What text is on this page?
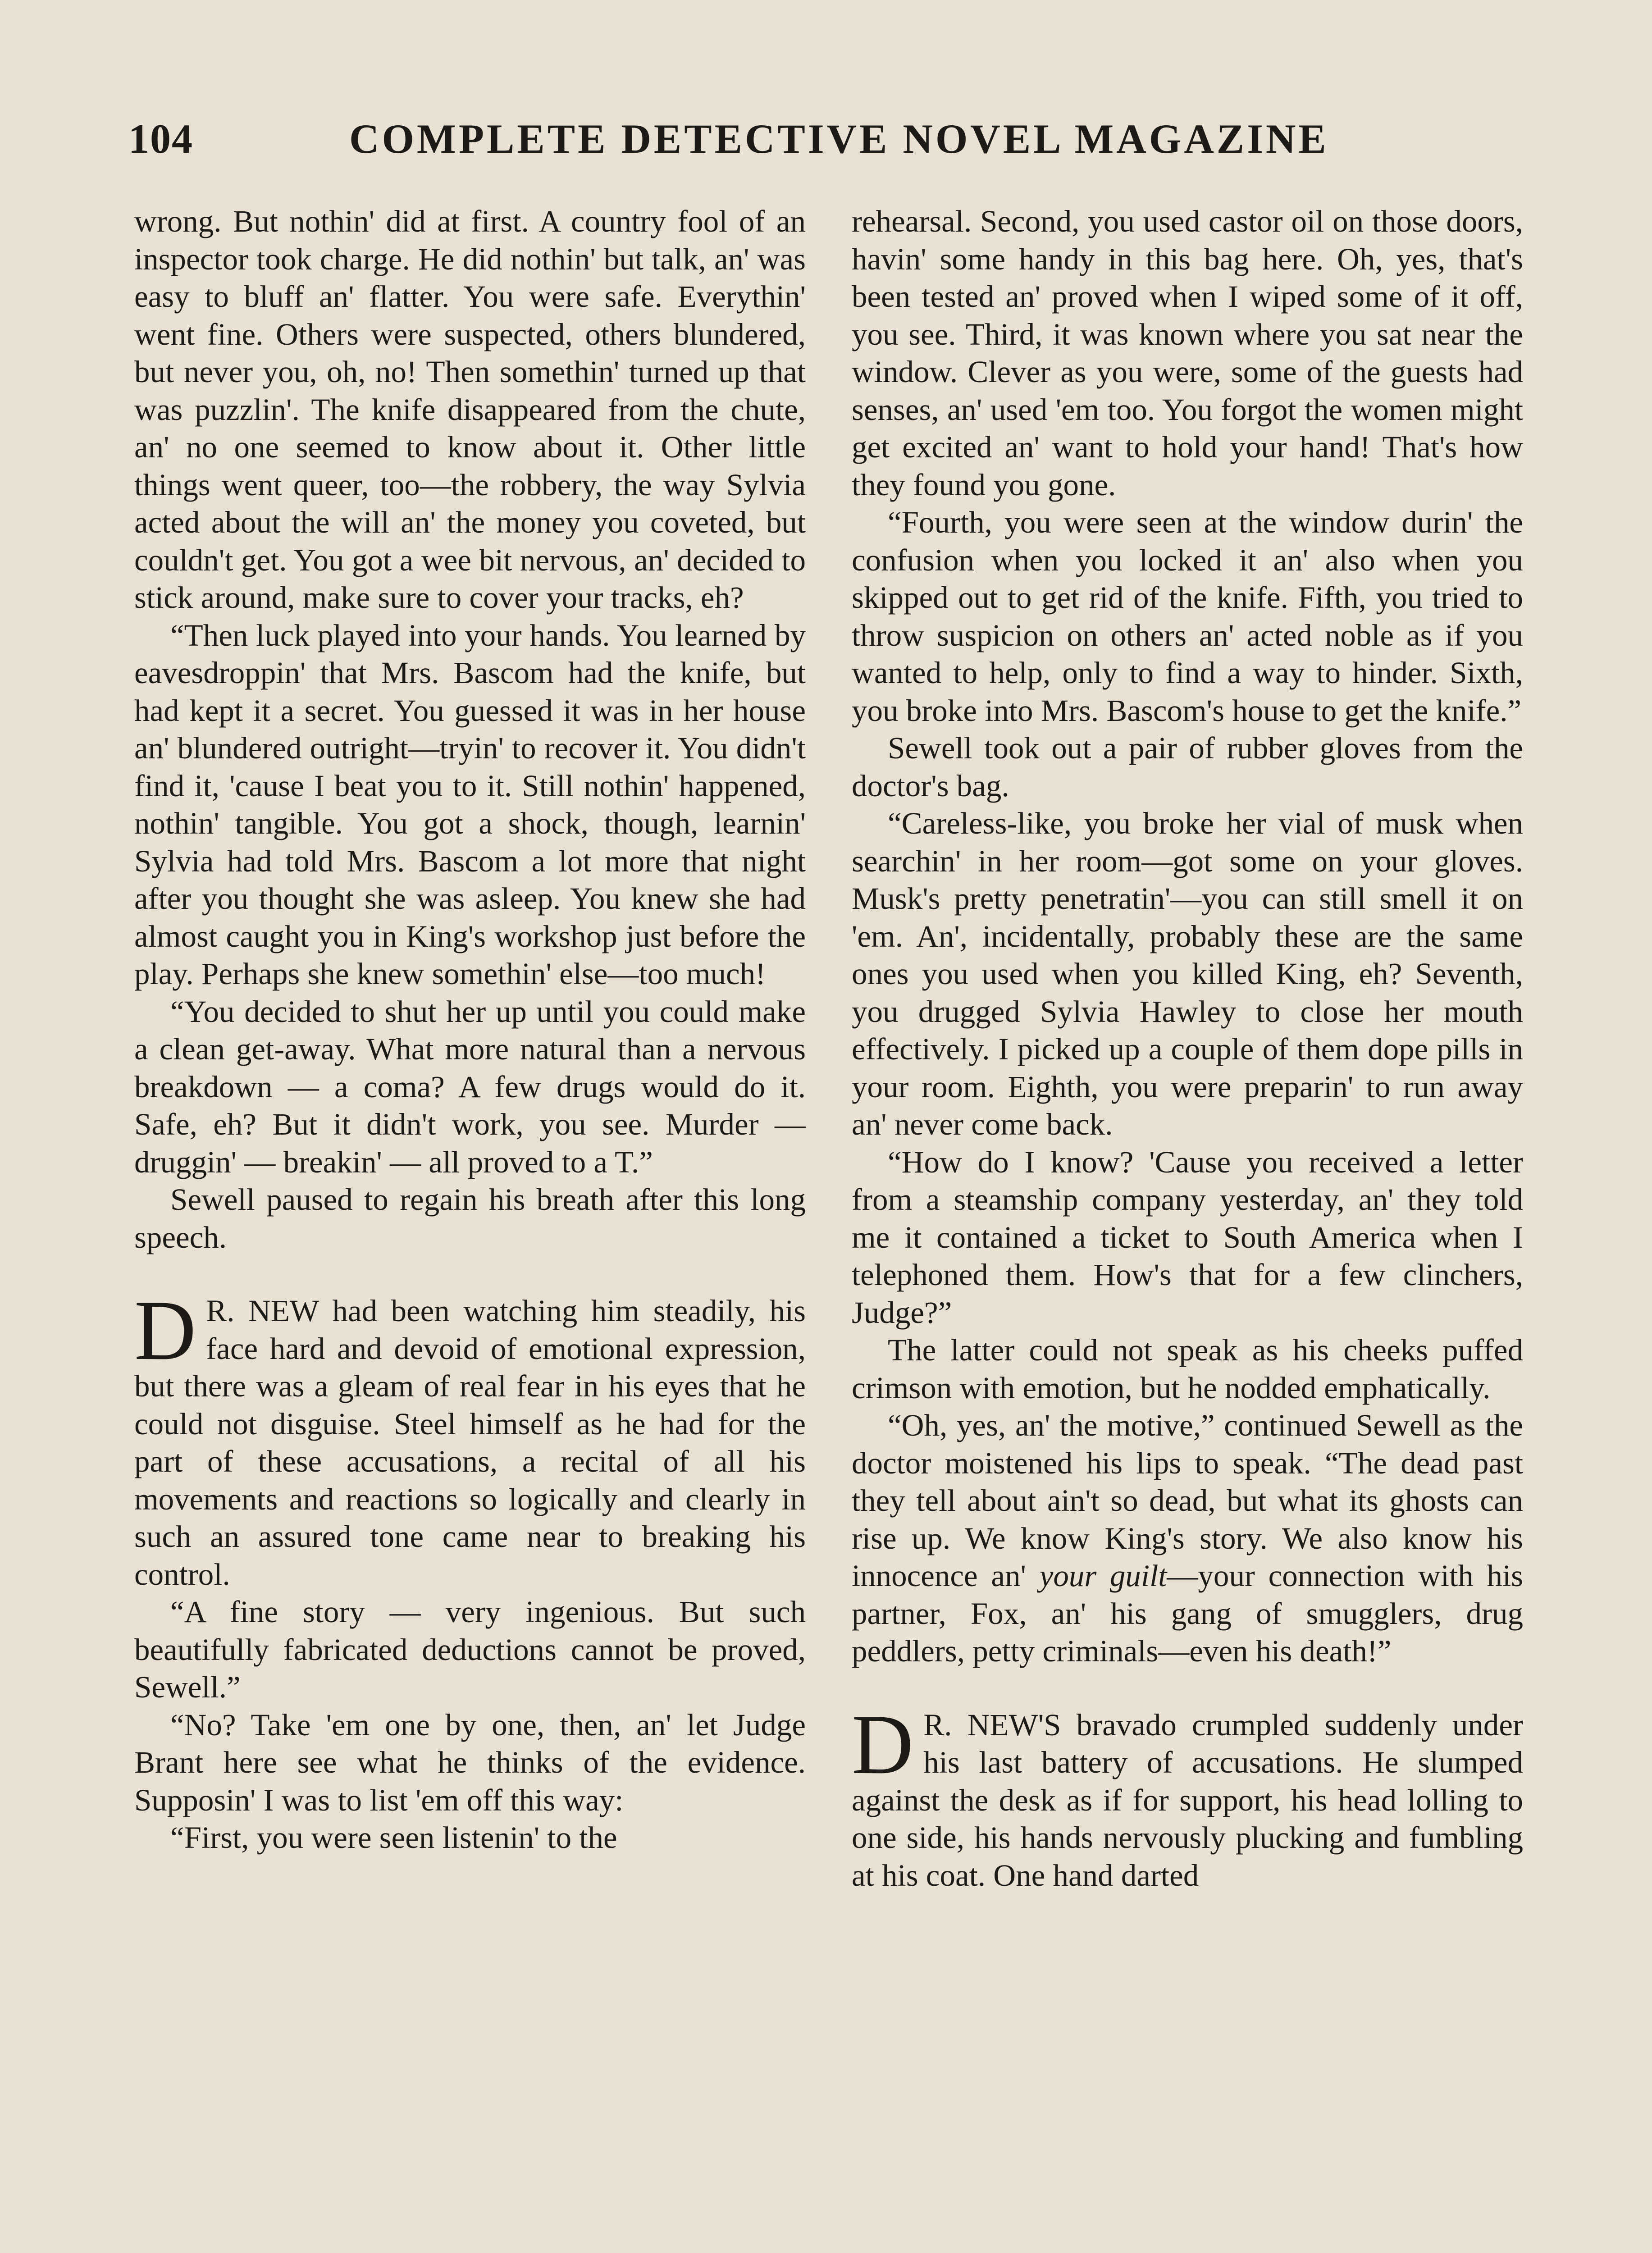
104	COMPLETE DETECTIVE NOVEL MAGAZINE

wrong. But nothin' did at first. A country fool of an inspector took charge. He did nothin' but talk, an' was easy to bluff an' flatter. You were safe. Everythin' went fine. Others were suspected, others blundered, but never you, oh, no! Then somethin' turned up that was puzzlin'. The knife disappeared from the chute, an' no one seemed to know about it. Other little things went queer, too—the robbery, the way Sylvia acted about the will an' the money you coveted, but couldn't get. You got a wee bit nervous, an' decided to stick around, make sure to cover your tracks, eh?

“Then luck played into your hands. You learned by eavesdroppin' that Mrs. Bascom had the knife, but had kept it a secret. You guessed it was in her house an' blundered outright—tryin' to recover it. You didn't find it, 'cause I beat you to it. Still nothin' happened, nothin' tangible. You got a shock, though, learnin' Sylvia had told Mrs. Bascom a lot more that night after you thought she was asleep. You knew she had almost caught you in King's workshop just before the play. Perhaps she knew somethin' else—too much!

“You decided to shut her up until you could make a clean get-away. What more natural than a nervous breakdown — a coma? A few drugs would do it. Safe, eh? But it didn't work, you see. Murder — druggin' — breakin' — all proved to a T.”

Sewell paused to regain his breath after this long speech.

D R. NEW had been watching him steadily, his face hard and devoid of emotional expression, but there was a gleam of real fear in his eyes that he could not disguise. Steel himself as he had for the part of these accusations, a recital of all his movements and reactions so logically and clearly in such an assured tone came near to breaking his control.

“A fine story — very ingenious. But such beautifully fabricated deductions cannot be proved, Sewell.”

“No? Take 'em one by one, then, an' let Judge Brant here see what he thinks of the evidence. Supposin' I was to list 'em off this way:

“First, you were seen listenin' to the

rehearsal. Second, you used castor oil on those doors, havin' some handy in this bag here. Oh, yes, that's been tested an' proved when I wiped some of it off, you see. Third, it was known where you sat near the window. Clever as you were, some of the guests had senses, an' used 'em too. You forgot the women might get excited an' want to hold your hand! That's how they found you gone.

“Fourth, you were seen at the window durin' the confusion when you locked it an' also when you skipped out to get rid of the knife. Fifth, you tried to throw suspicion on others an' acted noble as if you wanted to help, only to find a way to hinder. Sixth, you broke into Mrs. Bascom's house to get the knife.”

Sewell took out a pair of rubber gloves from the doctor's bag.

“Careless-like, you broke her vial of musk when searchin' in her room—got some on your gloves. Musk's pretty penetratin'—you can still smell it on 'em. An', incidentally, probably these are the same ones you used when you killed King, eh? Seventh, you drugged Sylvia Hawley to close her mouth effectively. I picked up a couple of them dope pills in your room. Eighth, you were preparin' to run away an' never come back.

“How do I know? 'Cause you received a letter from a steamship company yesterday, an' they told me it contained a ticket to South America when I telephoned them. How's that for a few clinchers, Judge?”

The latter could not speak as his cheeks puffed crimson with emotion, but he nodded emphatically.

“Oh, yes, an' the motive,” continued Sewell as the doctor moistened his lips to speak. “The dead past they tell about ain't so dead, but what its ghosts can rise up. We know King's story. We also know his innocence an' your guilt—your connection with his partner, Fox, an' his gang of smugglers, drug peddlers, petty criminals—even his death!”

D R. NEW'S bravado crumpled suddenly under his last battery of accusations. He slumped against the desk as if for support, his head lolling to one side, his hands nervously plucking and fumbling at his coat. One hand darted
